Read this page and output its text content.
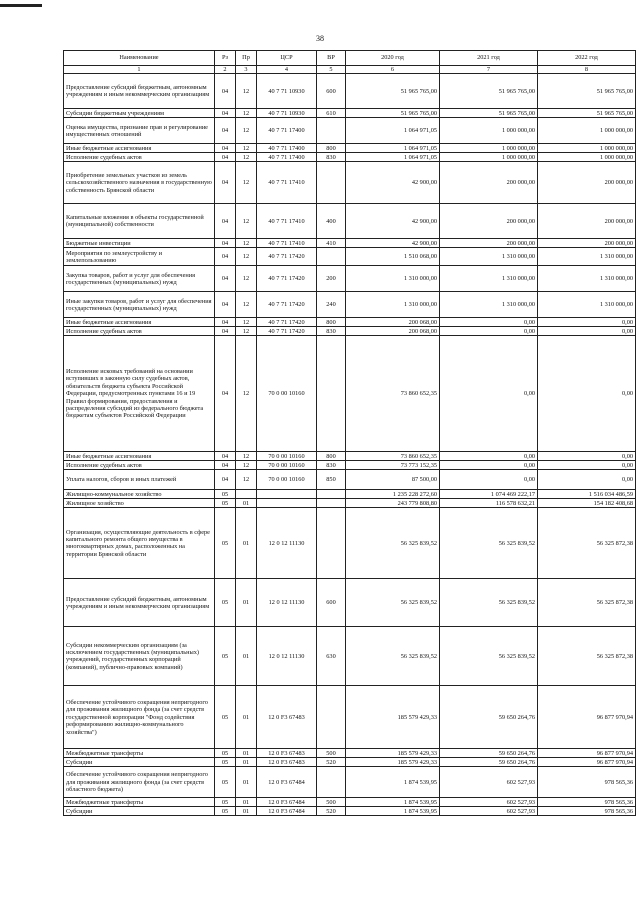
38
Наименование	Рз	Пр	ЦСР	ВР	2020 год	2021 год	2022 год
1	2	3	4	5	6	7	8
Предоставление субсидий бюджетным, автономным учреждениям и иным некоммерческим организациям	04	12	40 7 71 10930	600	51 965 765,00	51 965 765,00	51 965 765,00
Субсидии бюджетным учреждениям	04	12	40 7 71 10930	610	51 965 765,00	51 965 765,00	51 965 765,00
Оценка имущества, признание прав и регулирование имущественных отношений	04	12	40 7 71 17400		1 064 971,05	1 000 000,00	1 000 000,00
Иные бюджетные ассигнования	04	12	40 7 71 17400	800	1 064 971,05	1 000 000,00	1 000 000,00
Исполнение судебных актов	04	12	40 7 71 17400	830	1 064 971,05	1 000 000,00	1 000 000,00
Приобретение земельных участков из земель сельскохозяйственного назначения в государственную собственность Брянской области	04	12	40 7 71 17410		42 900,00	200 000,00	200 000,00
Капитальные вложения в объекты государственной (муниципальной) собственности	04	12	40 7 71 17410	400	42 900,00	200 000,00	200 000,00
Бюджетные инвестиции	04	12	40 7 71 17410	410	42 900,00	200 000,00	200 000,00
Мероприятия по землеустройству и землепользованию	04	12	40 7 71 17420		1 510 068,00	1 310 000,00	1 310 000,00
Закупка товаров, работ и услуг для обеспечения государственных (муниципальных) нужд	04	12	40 7 71 17420	200	1 310 000,00	1 310 000,00	1 310 000,00
Иные закупки товаров, работ и услуг для обеспечения государственных (муниципальных) нужд	04	12	40 7 71 17420	240	1 310 000,00	1 310 000,00	1 310 000,00
Иные бюджетные ассигнования	04	12	40 7 71 17420	800	200 068,00	0,00	0,00
Исполнение судебных актов	04	12	40 7 71 17420	830	200 068,00	0,00	0,00
Исполнение исковых требований на основании вступивших в законную силу судебных актов, обязательств бюджета субъекта Российской Федерации, предусмотренных пунктами 16 и 19 Правил формирования, предоставления и распределения субсидий из федерального бюджета бюджетам субъектов Российской Федерации	04	12	70 0 00 10160		73 860 652,35	0,00	0,00
Иные бюджетные ассигнования	04	12	70 0 00 10160	800	73 860 652,35	0,00	0,00
Исполнение судебных актов	04	12	70 0 00 10160	830	73 773 152,35	0,00	0,00
Уплата налогов, сборов и иных платежей	04	12	70 0 00 10160	850	87 500,00	0,00	0,00
Жилищно-коммунальное хозяйство	05				1 235 228 272,60	1 074 469 222,17	1 516 034 486,59
Жилищное хозяйство	05	01			243 779 808,80	116 578 632,21	154 182 408,68
Организация, осуществляющие деятельность в сфере капитального ремонта общего имущества в многоквартирных домах, расположенных на территории Брянской области	05	01	12 0 12 11130		56 325 839,52	56 325 839,52	56 325 872,38
Предоставление субсидий бюджетным, автономным учреждениям и иным некоммерческим организациям	05	01	12 0 12 11130	600	56 325 839,52	56 325 839,52	56 325 872,38
Субсидии некоммерческим организациям (за исключением государственных (муниципальных) учреждений, государственных корпораций (компаний), публично-правовых компаний)	05	01	12 0 12 11130	630	56 325 839,52	56 325 839,52	56 325 872,38
Обеспечение устойчивого сокращения непригодного для проживания жилищного фонда (за счет средств государственной корпорации "Фонд содействия реформированию жилищно-коммунального хозяйства")	05	01	12 0 F3 67483		185 579 429,33	59 650 264,76	96 877 970,94
Межбюджетные трансферты	05	01	12 0 F3 67483	500	185 579 429,33	59 650 264,76	96 877 970,94
Субсидии	05	01	12 0 F3 67483	520	185 579 429,33	59 650 264,76	96 877 970,94
Обеспечение устойчивого сокращения непригодного для проживания жилищного фонда (за счет средств областного бюджета)	05	01	12 0 F3 67484		1 874 539,95	602 527,93	978 565,36
Межбюджетные трансферты	05	01	12 0 F3 67484	500	1 874 539,95	602 527,93	978 565,36
Субсидии	05	01	12 0 F3 67484	520	1 874 539,95	602 527,93	978 565,36
